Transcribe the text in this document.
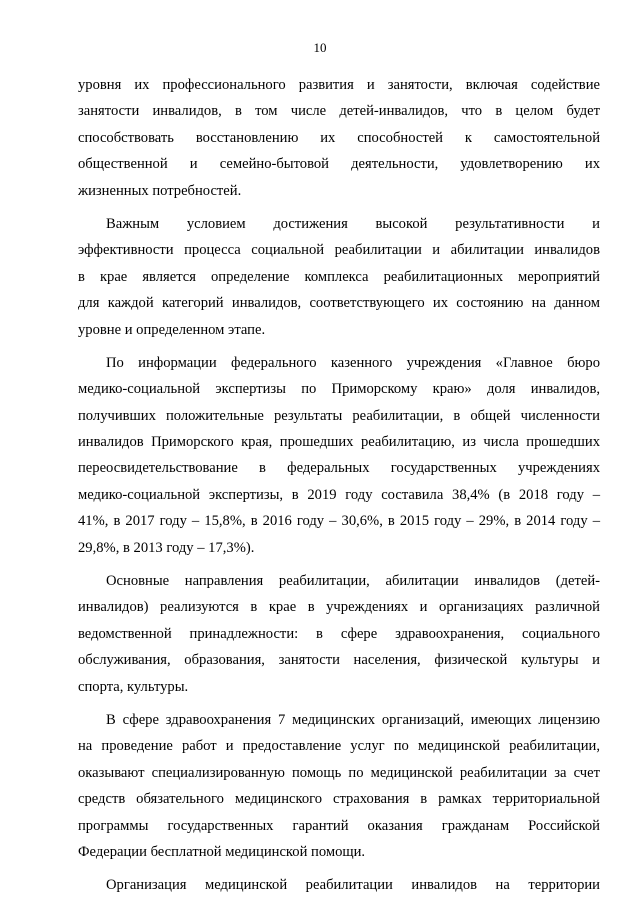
10
уровня их профессионального развития и занятости, включая содействие
занятости инвалидов, в том числе детей-инвалидов, что в целом будет
способствовать восстановлению их способностей к самостоятельной
общественной и семейно-бытовой деятельности, удовлетворению их
жизненных потребностей.
Важным условием достижения высокой результативности и
эффективности процесса социальной реабилитации и абилитации инвалидов
в крае является определение комплекса реабилитационных мероприятий
для каждой категорий инвалидов, соответствующего их состоянию на данном
уровне и определенном этапе.
По информации федерального казенного учреждения «Главное бюро
медико-социальной экспертизы по Приморскому краю» доля инвалидов,
получивших положительные результаты реабилитации, в общей численности
инвалидов Приморского края, прошедших реабилитацию, из числа прошедших
переосвидетельствование в федеральных государственных учреждениях
медико-социальной экспертизы, в 2019 году составила 38,4% (в 2018 году –
41%, в 2017 году – 15,8%, в 2016 году – 30,6%, в 2015 году – 29%, в 2014 году –
29,8%, в 2013 году – 17,3%).
Основные направления реабилитации, абилитации инвалидов (детей-
инвалидов) реализуются в крае в учреждениях и организациях различной
ведомственной принадлежности: в сфере здравоохранения, социального
обслуживания, образования, занятости населения, физической культуры и
спорта, культуры.
В сфере здравоохранения 7 медицинских организаций, имеющих лицензию
на проведение работ и предоставление услуг по медицинской реабилитации,
оказывают специализированную помощь по медицинской реабилитации за счет
средств обязательного медицинского страхования в рамках территориальной
программы государственных гарантий оказания гражданам Российской
Федерации бесплатной медицинской помощи.
Организация медицинской реабилитации инвалидов на территории
